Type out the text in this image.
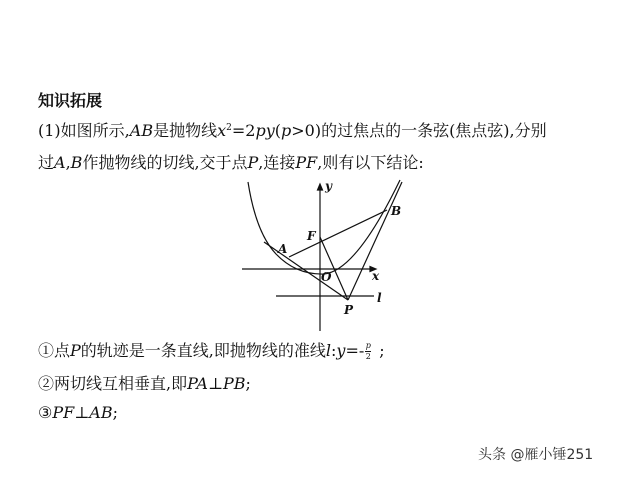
知识拓展
(1)如图所示,AB是抛物线$x^2=2py(p>0)$的过焦点的一条弦(焦点弦),分别
过A,B作抛物线的切线,交于点P,连接PF,则有以下结论:
y
x
B
A
F
O
P
l
①点P的轨迹是一条直线,即抛物线的准线l:y=- $\frac{p}{2}$ ;
②两切线互相垂直,即PA⊥PB;
③PF⊥AB;
头条 @雁小锤251
